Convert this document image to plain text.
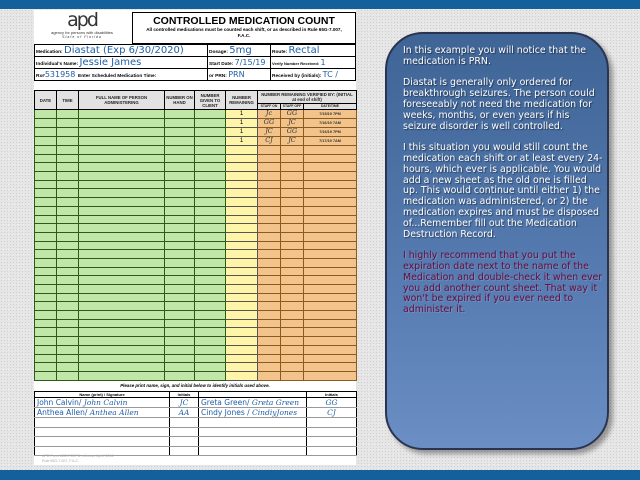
apd
agency for persons with disabilities
State of Florida
CONTROLLED MEDICATION COUNT
All controlled medications must be counted each shift, or as described in Rule 65G-7.007, F.A.C.
Medication: Diastat (Exp 6/30/2020)	Dosage: 5mg	Route: Rectal
Individual's Name: Jessie James	Start Date: 7/15/19	Verify Number Received: 1
Rx#531958 Enter Scheduled Medication Time:	or PRN: PRN	Received by (initials): TC /
DATE	TIME	FULL NAME OF PERSON ADMINISTERING	NUMBER ON HAND	NUMBER GIVEN TO CLIENT	NUMBER REMAINING	NUMBER REMAINING VERIFIED BY: (INITIAL at end of shift)		
						STAFF ON	STAFF OFF	DATE/TIME
					1	Jc	GG	7/15/19 7PM
					1	GG	JC	7/16/19 7AM
					1	JC	GG	7/16/19 7PM
					1	CJ	JC	7/17/19 7AM

Please print name, sign, and initial below to identify initials used above.
Name (print) / Signature	Initials		Initials
John Calvin/ John Calvin	JC	Greta Green/ Greta Green	GG
Anthea Allen/ Anthea Allen	AA	Cindy Jones / CindiyJones	CJ

APD Form 65G-7.007 B, effective April, 2016
Rule 65G-7.007, F.A.C.

In this example you will notice that the medication is PRN.

Diastat is generally only ordered for breakthrough seizures. The person could foreseeably not need the medication for weeks, months, or even years if his seizure disorder is well controlled.

I this situation you would still count the medication each shift or at least every 24-hours, which ever is applicable. You would add a new sheet as the old one is filled up. This would continue until either 1) the medication was administered, or 2) the medication expires and must be disposed of...Remember fill out the Medication Destruction Record.

I highly recommend that you put the expiration date next to the name of the Medication and double-check it when ever you add another count sheet. That way it won't be expired if you ever need to administer it.
